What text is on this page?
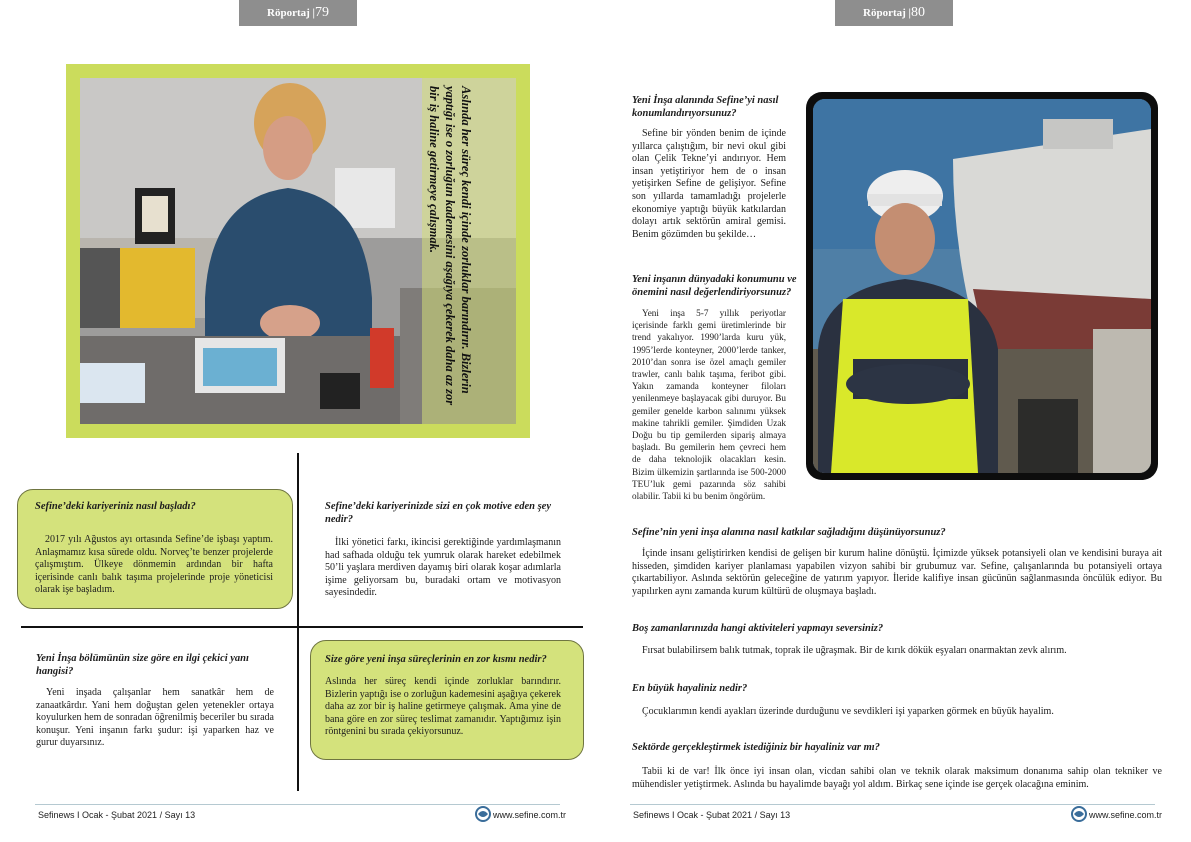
Röportaj |79	Röportaj |80
Aslında her süreç kendi içinde zorluklar barındırır. Bizlerin yaptığı ise o zorluğun kademesini aşağıya çekerek daha az zor bir iş haline getirmeye çalışmak.
Sefine’deki kariyeriniz nasıl başladı?
2017 yılı Ağustos ayı ortasında Sefine’de işbaşı yaptım. Anlaşmamız kısa sürede oldu. Norveç’te benzer projelerde çalışmıştım. Ülkeye dönmemin ardından bir hafta içerisinde canlı balık taşıma projelerinde proje yöneticisi olarak işe başladım.
Sefine’deki kariyerinizde sizi en çok motive eden şey nedir?
İlki yönetici farkı, ikincisi gerektiğinde yardımlaşmanın had safhada olduğu tek yumruk olarak hareket edebilmek 50’li yaşlara merdiven dayamış biri olarak koşar adımlarla işime geliyorsam bu, buradaki ortam ve motivasyon sayesindedir.
Yeni İnşa bölümünün size göre en ilgi çekici yanı hangisi?
Yeni inşada çalışanlar hem sanatkâr hem de zanaatkârdır. Yani hem doğuştan gelen yetenekler ortaya koyulurken hem de sonradan öğrenilmiş beceriler bu sırada konuşur. Yeni inşanın farkı şudur: işi yaparken haz ve gurur duyarsınız.
Size göre yeni inşa süreçlerinin en zor kısmı nedir?
Aslında her süreç kendi içinde zorluklar barındırır. Bizlerin yaptığı ise o zorluğun kademesini aşağıya çekerek daha az zor bir iş haline getirmeye çalışmak. Ama yine de bana göre en zor süreç teslimat zamanıdır. Yaptığımız işin röntgenini bu sırada çekiyorsunuz.
Yeni İnşa alanında Sefine’yi nasıl konumlandırıyorsunuz?
Sefine bir yönden benim de içinde yıllarca çalıştığım, bir nevi okul gibi olan Çelik Tekne’yi andırıyor. Hem insan yetiştiriyor hem de o insan yetişirken Sefine de gelişiyor. Sefine son yıllarda tamamladığı projelerle ekonomiye yaptığı büyük katkılardan dolayı artık sektörün amiral gemisi. Benim gözümden bu şekilde…
Yeni inşanın dünyadaki konumunu ve önemini nasıl değerlendiriyorsunuz?
Yeni inşa 5-7 yıllık periyotlar içerisinde farklı gemi üretimlerinde bir trend yakalıyor. 1990’larda kuru yük, 1995’lerde konteyner, 2000’lerde tanker, 2010’dan sonra ise özel amaçlı gemiler trawler, canlı balık taşıma, feribot gibi. Yakın zamanda konteyner filoları yenilenmeye başlayacak gibi duruyor. Bu gemiler genelde karbon salınımı yüksek makine tahrikli gemiler. Şimdiden Uzak Doğu bu tip gemilerden sipariş almaya başladı. Bu gemilerin hem çevreci hem de daha teknolojik olacakları kesin. Bizim ülkemizin şartlarında ise 500-2000 TEU’luk gemi pazarında söz sahibi olabilir. Tabii ki bu benim öngörüm.
Sefine’nin yeni inşa alanına nasıl katkılar sağladığını düşünüyorsunuz?
İçinde insanı geliştirirken kendisi de gelişen bir kurum haline dönüştü. İçimizde yüksek potansiyeli olan ve kendisini buraya ait hisseden, şimdiden kariyer planlaması yapabilen vizyon sahibi bir grubumuz var. Sefine, çalışanlarında bu potansiyeli ortaya çıkartabiliyor. Aslında sektörün geleceğine de yatırım yapıyor. İleride kalifiye insan gücünün sağlanmasında öncülük ediyor. Bu yapılırken aynı zamanda kurum kültürü de oluşmaya başladı.
Boş zamanlarınızda hangi aktiviteleri yapmayı seversiniz?
Fırsat bulabilirsem balık tutmak, toprak ile uğraşmak. Bir de kırık dökük eşyaları onarmaktan zevk alırım.
En büyük hayaliniz nedir?
Çocuklarımın kendi ayakları üzerinde durduğunu ve sevdikleri işi yaparken görmek en büyük hayalim.
Sektörde gerçekleştirmek istediğiniz bir hayaliniz var mı?
Tabii ki de var! İlk önce iyi insan olan, vicdan sahibi olan ve teknik olarak maksimum donanıma sahip olan tekniker ve mühendisler yetiştirmek. Aslında bu hayalimde bayağı yol aldım. Birkaç sene içinde ise gerçek olacağına eminim.
Sefinews I Ocak - Şubat 2021 / Sayı 13	www.sefine.com.tr	Sefinews I Ocak - Şubat 2021 / Sayı 13	www.sefine.com.tr
